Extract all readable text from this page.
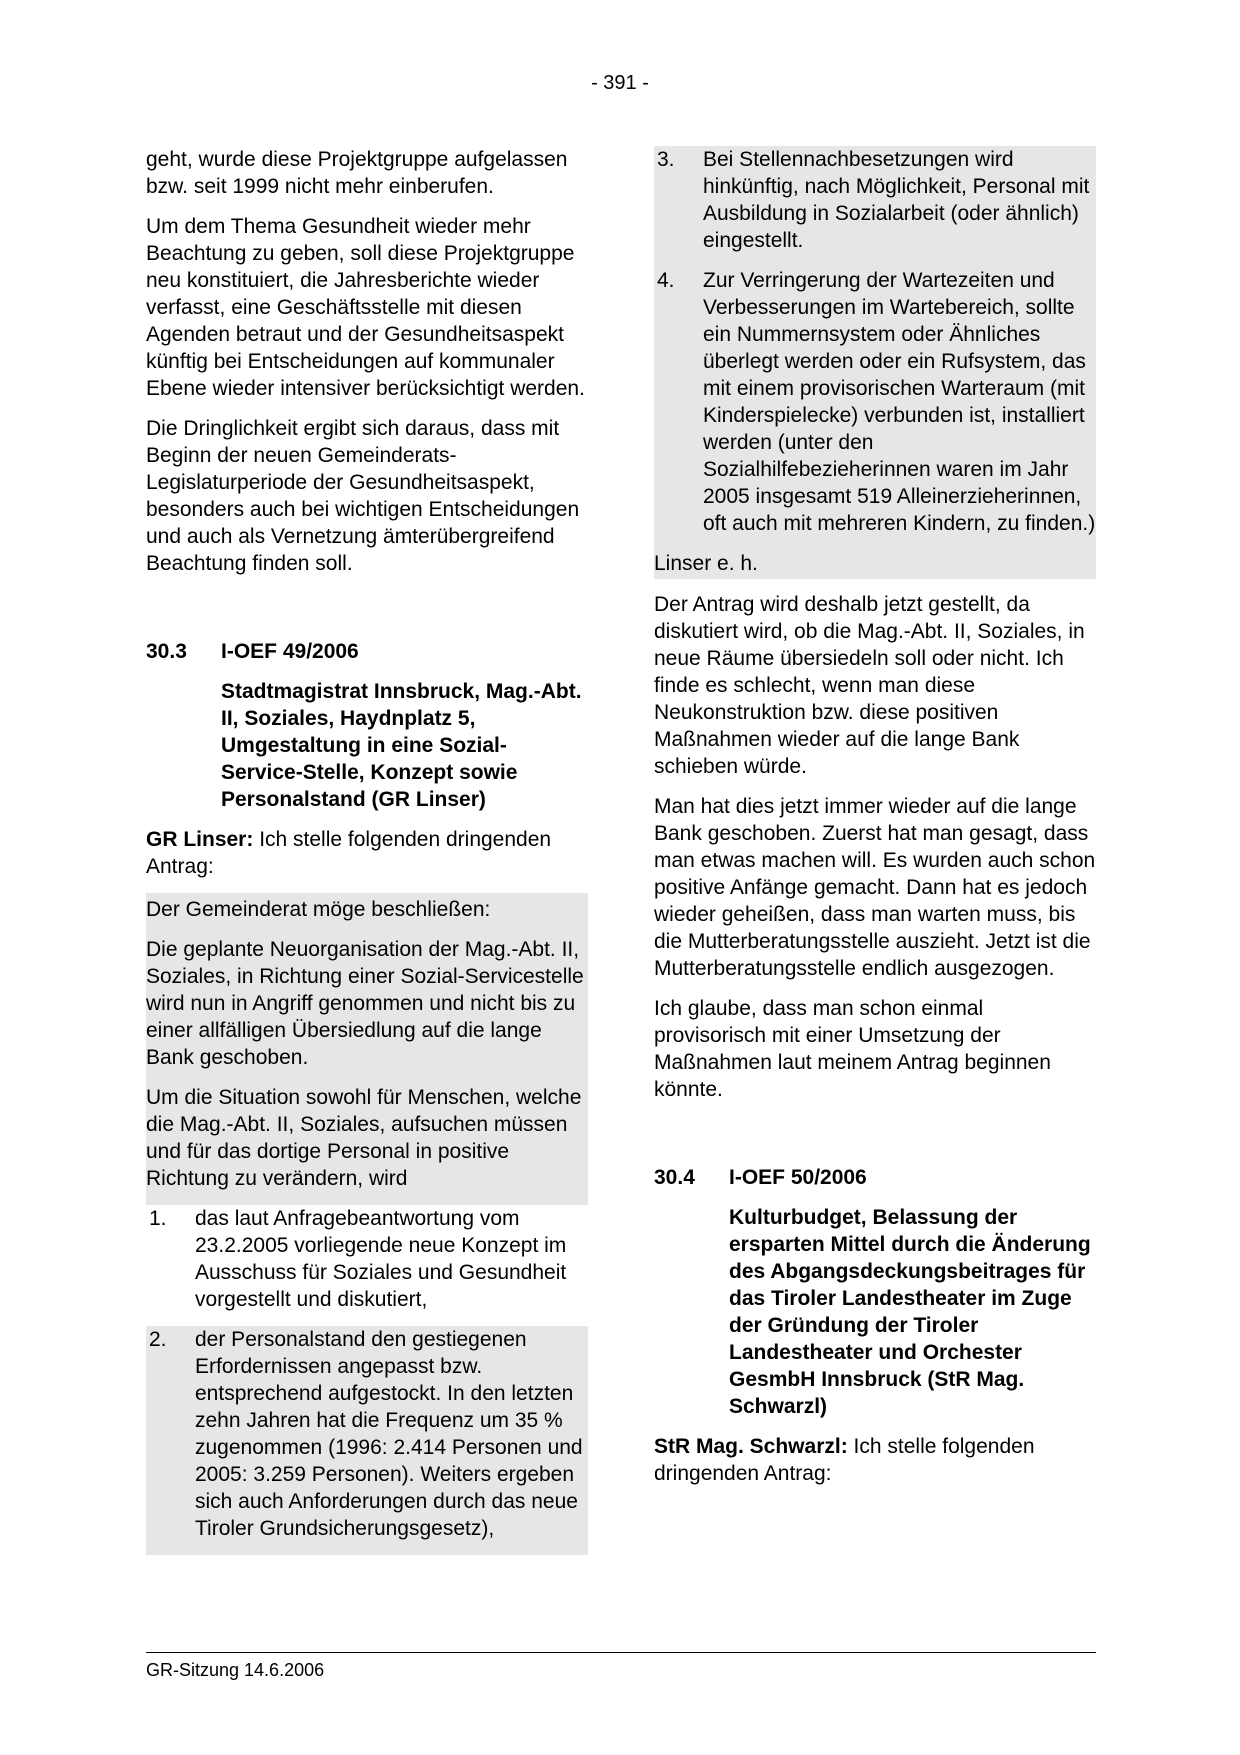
- 391 -

geht, wurde diese Projektgruppe aufgelassen bzw. seit 1999 nicht mehr einberufen.

Um dem Thema Gesundheit wieder mehr Beachtung zu geben, soll diese Projektgruppe neu konstituiert, die Jahresberichte wieder verfasst, eine Geschäftsstelle mit diesen Agenden betraut und der Gesundheitsaspekt künftig bei Entscheidungen auf kommunaler Ebene wieder intensiver berücksichtigt werden.

Die Dringlichkeit ergibt sich daraus, dass mit Beginn der neuen Gemeinderats-Legislaturperiode der Gesundheitsaspekt, besonders auch bei wichtigen Entscheidungen und auch als Vernetzung ämterübergreifend Beachtung finden soll.

30.3 I-OEF 49/2006

Stadtmagistrat Innsbruck, Mag.-Abt. II, Soziales, Haydnplatz 5, Umgestaltung in eine Sozial-Service-Stelle, Konzept sowie Personalstand (GR Linser)

GR Linser: Ich stelle folgenden dringenden Antrag:

Der Gemeinderat möge beschließen:

Die geplante Neuorganisation der Mag.-Abt. II, Soziales, in Richtung einer Sozial-Servicestelle wird nun in Angriff genommen und nicht bis zu einer allfälligen Übersiedlung auf die lange Bank geschoben.

Um die Situation sowohl für Menschen, welche die Mag.-Abt. II, Soziales, aufsuchen müssen und für das dortige Personal in positive Richtung zu verändern, wird

1. das laut Anfragebeantwortung vom 23.2.2005 vorliegende neue Konzept im Ausschuss für Soziales und Gesundheit vorgestellt und diskutiert,
2. der Personalstand den gestiegenen Erfordernissen angepasst bzw. entsprechend aufgestockt. In den letzten zehn Jahren hat die Frequenz um 35 % zugenommen (1996: 2.414 Personen und 2005: 3.259 Personen). Weiters ergeben sich auch Anforderungen durch das neue Tiroler Grundsicherungsgesetz),
3. Bei Stellennachbesetzungen wird hinkünftig, nach Möglichkeit, Personal mit Ausbildung in Sozialarbeit (oder ähnlich) eingestellt.
4. Zur Verringerung der Wartezeiten und Verbesserungen im Wartebereich, sollte ein Nummernsystem oder Ähnliches überlegt werden oder ein Rufsystem, das mit einem provisorischen Warteraum (mit Kinderspielecke) verbunden ist, installiert werden (unter den Sozialhilfebezieherinnen waren im Jahr 2005 insgesamt 519 Alleinerzieherinnen, oft auch mit mehreren Kindern, zu finden.)

Linser e. h.

Der Antrag wird deshalb jetzt gestellt, da diskutiert wird, ob die Mag.-Abt. II, Soziales, in neue Räume übersiedeln soll oder nicht. Ich finde es schlecht, wenn man diese Neukonstruktion bzw. diese positiven Maßnahmen wieder auf die lange Bank schieben würde.

Man hat dies jetzt immer wieder auf die lange Bank geschoben. Zuerst hat man gesagt, dass man etwas machen will. Es wurden auch schon positive Anfänge gemacht. Dann hat es jedoch wieder geheißen, dass man warten muss, bis die Mutterberatungsstelle auszieht. Jetzt ist die Mutterberatungsstelle endlich ausgezogen.

Ich glaube, dass man schon einmal provisorisch mit einer Umsetzung der Maßnahmen laut meinem Antrag beginnen könnte.

30.4 I-OEF 50/2006

Kulturbudget, Belassung der ersparten Mittel durch die Änderung des Abgangsdeckungsbeitrages für das Tiroler Landestheater im Zuge der Gründung der Tiroler Landestheater und Orchester GesmbH Innsbruck (StR Mag. Schwarzl)

StR Mag. Schwarzl: Ich stelle folgenden dringenden Antrag:

GR-Sitzung 14.6.2006
